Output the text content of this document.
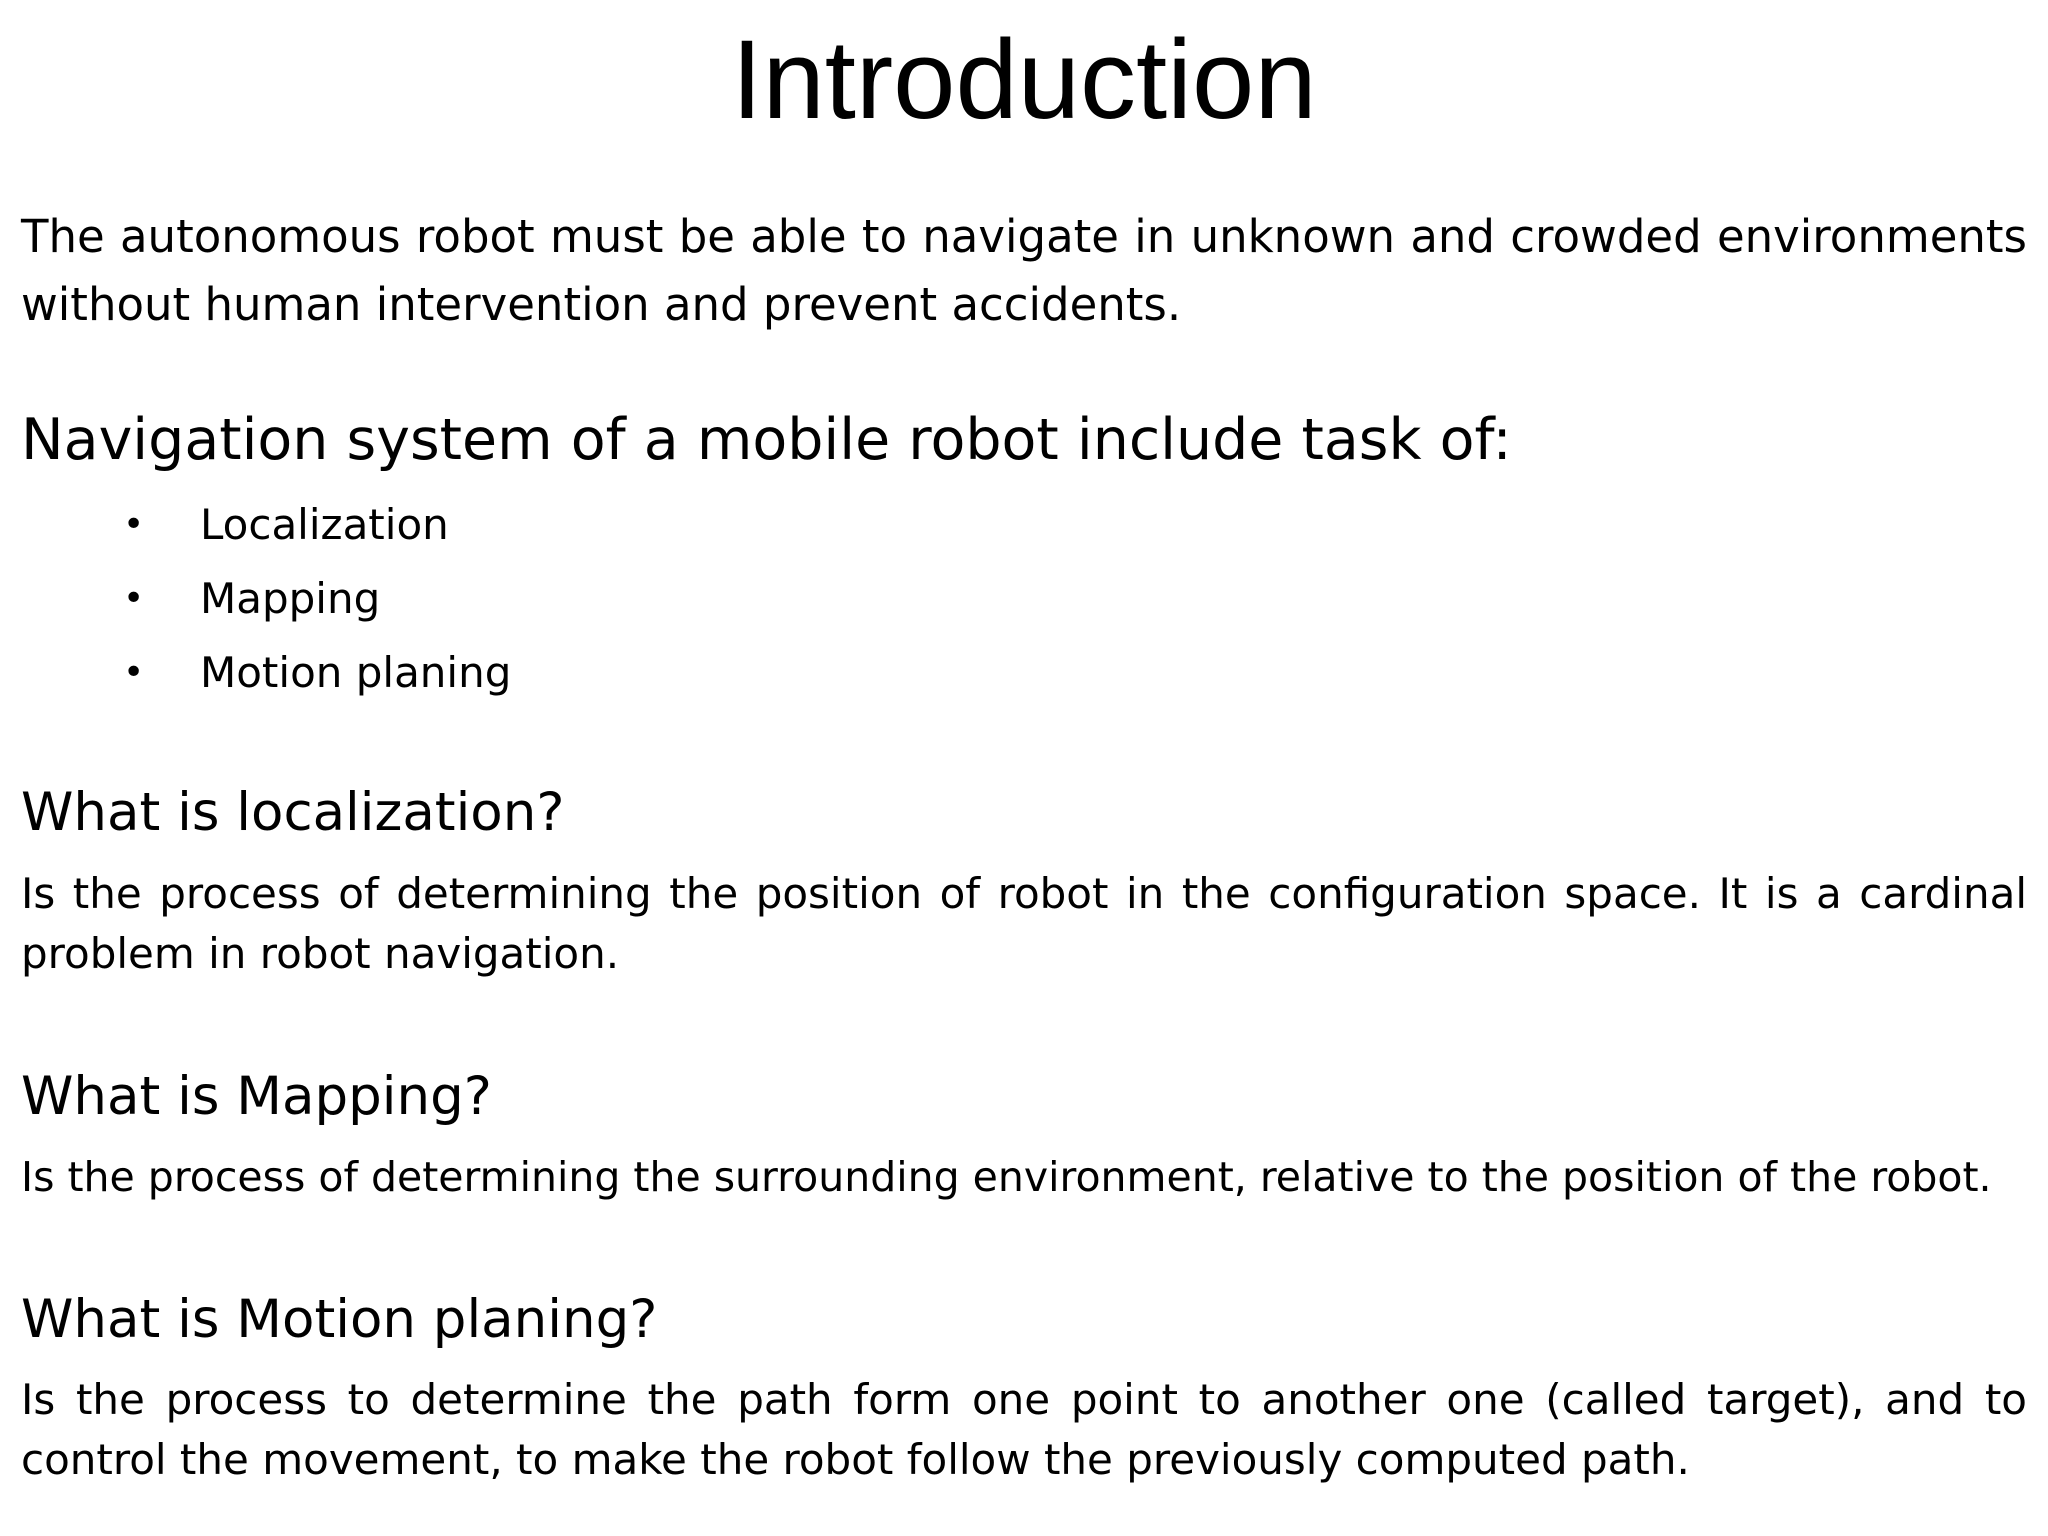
Introduction

The autonomous robot must be able to navigate in unknown and crowded environments without human intervention and prevent accidents.

Navigation system of a mobile robot include task of:
• Localization
• Mapping
• Motion planing
What is localization?

Is the process of determining the position of robot in the configuration space. It is a cardinal problem in robot navigation.

What is Mapping?

Is the process of determining the surrounding environment, relative to the position of the robot.

What is Motion planing?

Is the process to determine the path form one point to another one (called target), and to control the movement, to make the robot follow the previously computed path.
